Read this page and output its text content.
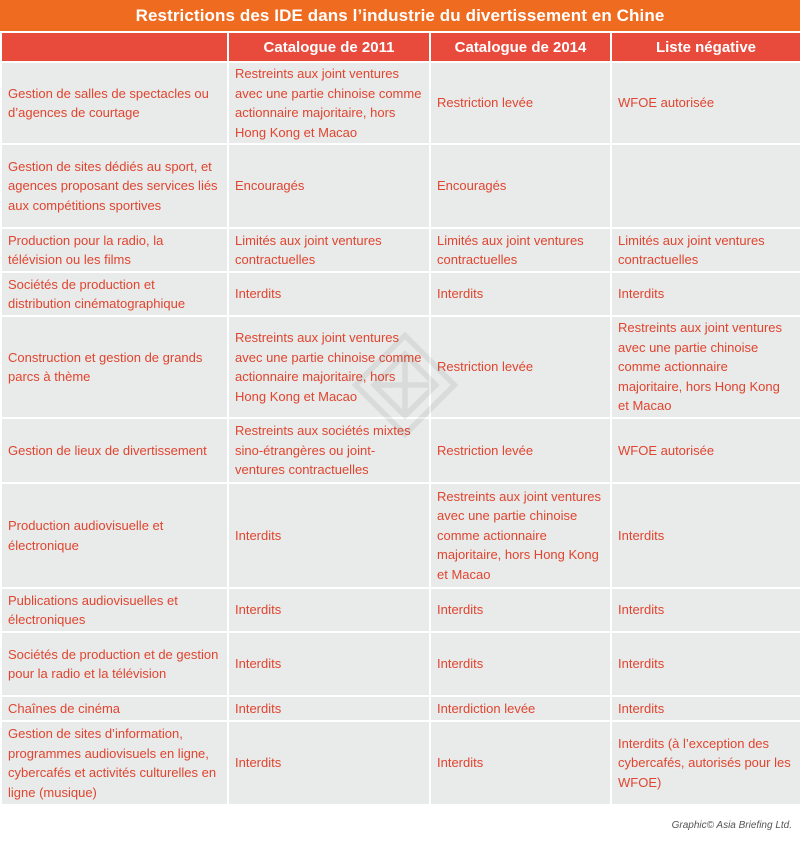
Restrictions des IDE dans l’industrie du divertissement en Chine
	Catalogue de 2011	Catalogue de 2014	Liste négative
Gestion de salles de spectacles ou d’agences de courtage	Restreints aux joint ventures avec une partie chinoise comme actionnaire majoritaire, hors Hong Kong et Macao	Restriction levée	WFOE autorisée
Gestion de sites dédiés au sport, et agences proposant des services liés aux compétitions sportives	Encouragés	Encouragés	
Production pour la radio, la télévision ou les films	Limités aux joint ventures contractuelles	Limités aux joint ventures contractuelles	Limités aux joint ventures contractuelles
Sociétés de production et distribution cinématographique	Interdits	Interdits	Interdits
Construction et gestion de grands parcs à thème	Restreints aux joint ventures avec une partie chinoise comme actionnaire majoritaire, hors Hong Kong et Macao	Restriction levée	Restreints aux joint ventures avec une partie chinoise comme actionnaire majoritaire, hors Hong Kong et Macao
Gestion de lieux de divertissement	Restreints aux sociétés mixtes sino-étrangères ou joint-ventures contractuelles	Restriction levée	WFOE autorisée
Production audiovisuelle et électronique	Interdits	Restreints aux joint ventures avec une partie chinoise comme actionnaire majoritaire, hors Hong Kong et Macao	Interdits
Publications audiovisuelles et électroniques	Interdits	Interdits	Interdits
Sociétés de production et de gestion pour la radio et la télévision	Interdits	Interdits	Interdits
Chaînes de cinéma	Interdits	Interdiction levée	Interdits
Gestion de sites d’information, programmes audiovisuels en ligne, cybercafés et activités culturelles en ligne (musique)	Interdits	Interdits	Interdits (à l’exception des cybercafés, autorisés pour les WFOE)
Graphic© Asia Briefing Ltd.
